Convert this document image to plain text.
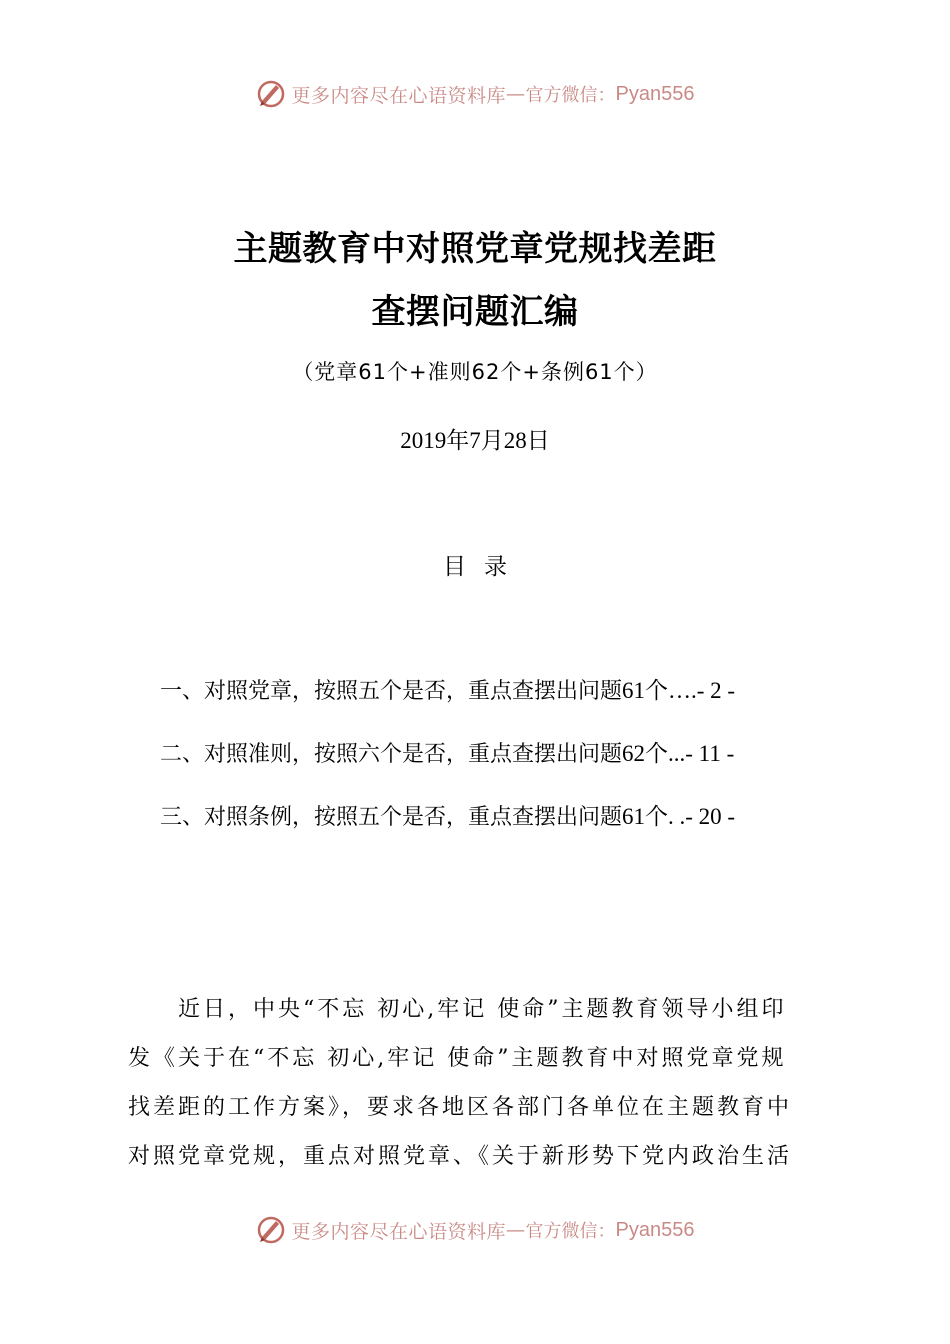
更多内容尽在心语资料库 — 官方微信： Pyan556
主题教育中对照党章党规找差距
查摆问题汇编
（党章61个+准则62个+条例61个）
2019年7月28日
目录
一、对照党章，按照五个是否，重点查摆出问题61个….- 2 -
二、对照准则，按照六个是否，重点查摆出问题62个...- 11 -
三、对照条例，按照五个是否，重点查摆出问题61个. .- 20 -
近日，中央“不忘 初心,牢记 使命”主题教育领导小组印
发《关于在“不忘 初心,牢记 使命”主题教育中对照党章党规
找差距的工作方案》，要求各地区各部门各单位在主题教育中
对照党章党规，重点对照党章、《关于新形势下党内政治生活
更多内容尽在心语资料库 — 官方微信： Pyan556
